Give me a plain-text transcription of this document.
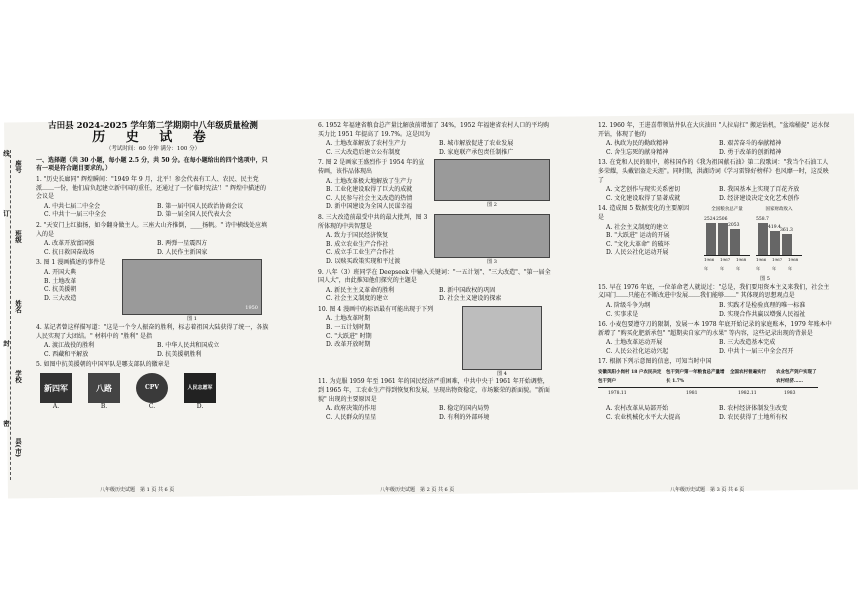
线
订
封
密
座号
班级
姓名
学校
县(市)
古田县 2024-2025 学年第二学期期中八年级质量检测
历 史 试 卷
（考试时间：60 分钟 满分：100 分）
一、选择题（共 30 小题，每小题 2.5 分，共 50 分。在每小题给出的四个选项中，只有一项是符合题目要求的。）
1. "历史长廊同" 辉煌瞬间："1949 年 9 月，北平！参会代表有工人、农民、民主党派……一份，他们肩负起建立新中国的重任，还通过了一份'临时宪法'！" 辉煌中描述的会议是
A. 中共七届二中全会	B. 第一届中国人民政治协商会议
C. 中共十一届三中全会	D. 第一届全国人民代表大会
2. "天安门上红旗扬，如今翻身做主人。三座大山齐推倒，____扬帆。" 诗中横线处应填入的是
A. 改革开放富国强	B. 两弹一星震四方
C. 抗日救国奋战场	D. 人民作主新国家
3. 图 1 漫画描述的事件是
A. 开国大典
B. 土地改革
C. 抗美援朝
D. 三大改造
1950
图 1
4. 某记者曾这样描写道："这是一个令人振奋的胜利，标志着祖国大陆获得了统一，各族人民实现了大团结。" 材料中的 "胜利" 是指
A. 渡江战役的胜利	B. 中华人民共和国成立
C. 西藏和平解放	D. 抗美援朝胜利
5. 如图中抗美援朝的中国军队是哪支部队的徽章是
新四军	八路	CPV	人民志愿军
A.	B.	C.	D.
6. 1952 年福建省粮食总产量比解放前增加了 34%，1952 年福建省农村人口的平均购买力比 1951 年提高了 19.7%。这是因为
A. 土地改革解放了农村生产力	B. 城市解放促进了农业发展
C. 三大改造后建立公有制度	D. 家庭联产承包责任制推广
7. 图 2 是画家王盛烈作于 1954 年的宣传画，该作品体现出
A. 土地改革极大地解放了生产力
B. 工业化建设取得了巨大的成就
C. 人民参与社会主义改造的热情
D. 新中国建设为全国人民谋幸福	图 2
8. 三大改造前最受中共的最大批判，图 3 所体现的中共智慧是
A. 致力于国民经济恢复
B. 成立农业生产合作社
C. 成立手工业生产合作社
D. 以赎买政策实现和平过渡	图 3
9. 八年（3）班同学在 Deepseek 中输入关键词："一五计划"、"三大改造"、"第一届全国人大"，由此推知他们探究的主题是
A. 新民主主义革命的胜利	B. 新中国政权的巩固
C. 社会主义制度的建立	D. 社会主义建设的探索
10. 图 4 漫画中的标语最有可能出现于下列
A. 土地改革时期
B. 一五计划时期
C. "大跃进" 时期
D. 改革开放时期
图 4
11. 为克服 1959 年至 1961 年的国民经济严重困难，中共中央于 1961 年开始调整，到 1965 年，工农业生产得到恢复和发展，呈现出物资稳定，市场繁荣的新面貌。"新面貌" 出现的主要原因是
A. 政府决策的作用	B. 稳定的国内局势
C. 人民群众的星星	D. 有利的外部环境
12. 1960 年，王进喜带领钻井队在大庆油田 "人拉肩扛" 搬运钻机，"盆端桶提" 运水保开钻，体现了他的
A. 执政为民的勤政精神	B. 艰苦奋斗的奉献精神
C. 舍生忘死的献身精神	D. 勇于改革的创新精神
13. 在党和人民的眼中，蒋桂国作的《我为祖国献石油》第二段歌词："我当个石油工人多荣耀，头戴铝盔走天涯"。同时期，洪湖诗词《学习雷锋好榜样》也风靡一时，这反映了
A. 文艺创作与现实关系密切	B. 我国基本上实现了百花齐放
C. 文化建设取得了显著成就	D. 经济建设决定文化艺术创作
14. 造成图 5 数据变化的主要原因是
A. 社会主义制度的建立
B. "大跃进" 运动的开展
C. "文化大革命" 的破坏
D. 人民公社化运动开展
全国粮食总产量
2524 2506
2053
1966年
1967年
1968年
国家财政收入
558.7
419.4
361.3
1966年
1967年
1968年
图 5
15. 早在 1976 年底，一位革命老人就说过："总是，我们要用资本主义来我们，社会主义国门……只能在不断改进中发展……我们能够……" 其体现的思想观点是
A. 阶级斗争为纲	B. 实践才是检验真理的唯一标准
C. 实事求是	D. 实现合作共赢以增强人民福祉
16. 小麦包要遵守刀的限制，发展一本 1978 年底开始记录的家庭账本，1979 年账本中新增了 "购买化肥新承包" "超期卖自家产的水果" 等内容，这些记录出现的背景是
A. 土地改革运动开展	B. 三大改造基本完成
C. 人民公社化运动兴起	D. 中共十一届三中全会召开
17. 根据下列示意图的信息，可知当时中国
安徽凤阳小岗村 18 户农民决定包干到户
1978.11
包干到户第一年粮食总产量增长 1.7%
1981
全国农村普遍实行
1982.11
农业包产到户实现了农村经济……
1983
A. 农村改革从局部开始	B. 农村经济体制发生改变
C. 农业机械化水平大大提高	D. 农民获得了土地所有权
八年级历史试题　第 1 页 共 6 页	八年级历史试题　第 2 页 共 6 页	八年级历史试题　第 3 页 共 6 页
